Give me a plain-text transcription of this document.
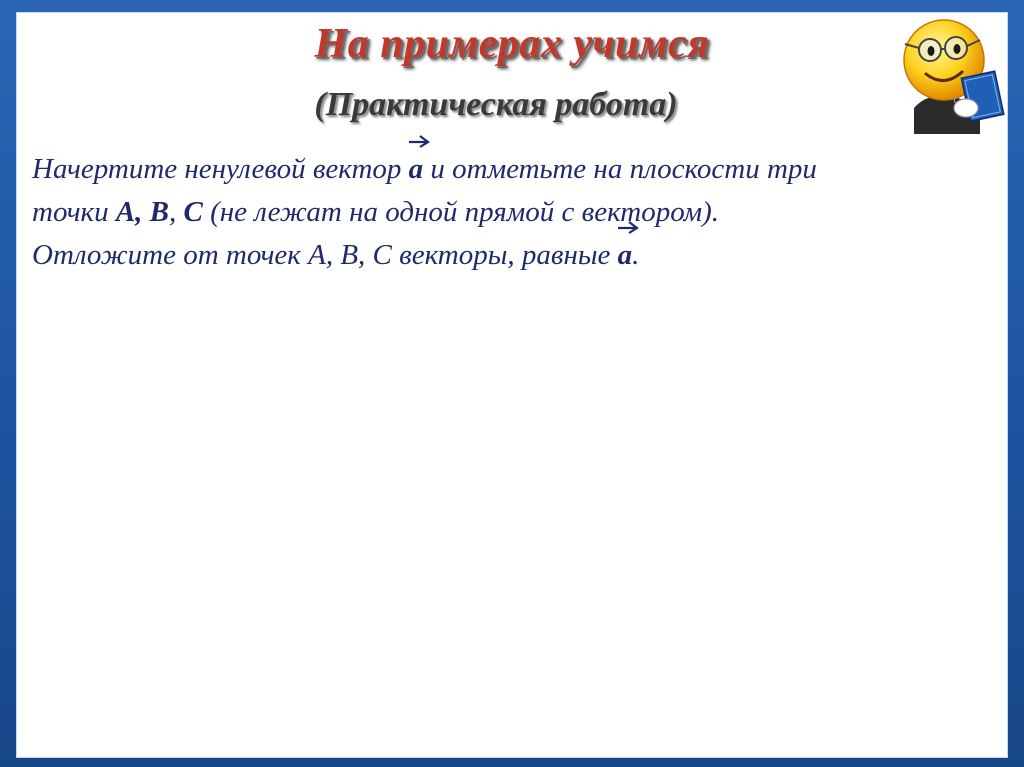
На примерах учимся
(Практическая работа)

Начертите ненулевой вектор
a и отметьте на плоскости три

точки A, B, C (не лежат на одной прямой с вектором).

Отложите от точек A, B, C векторы, равные
a.
